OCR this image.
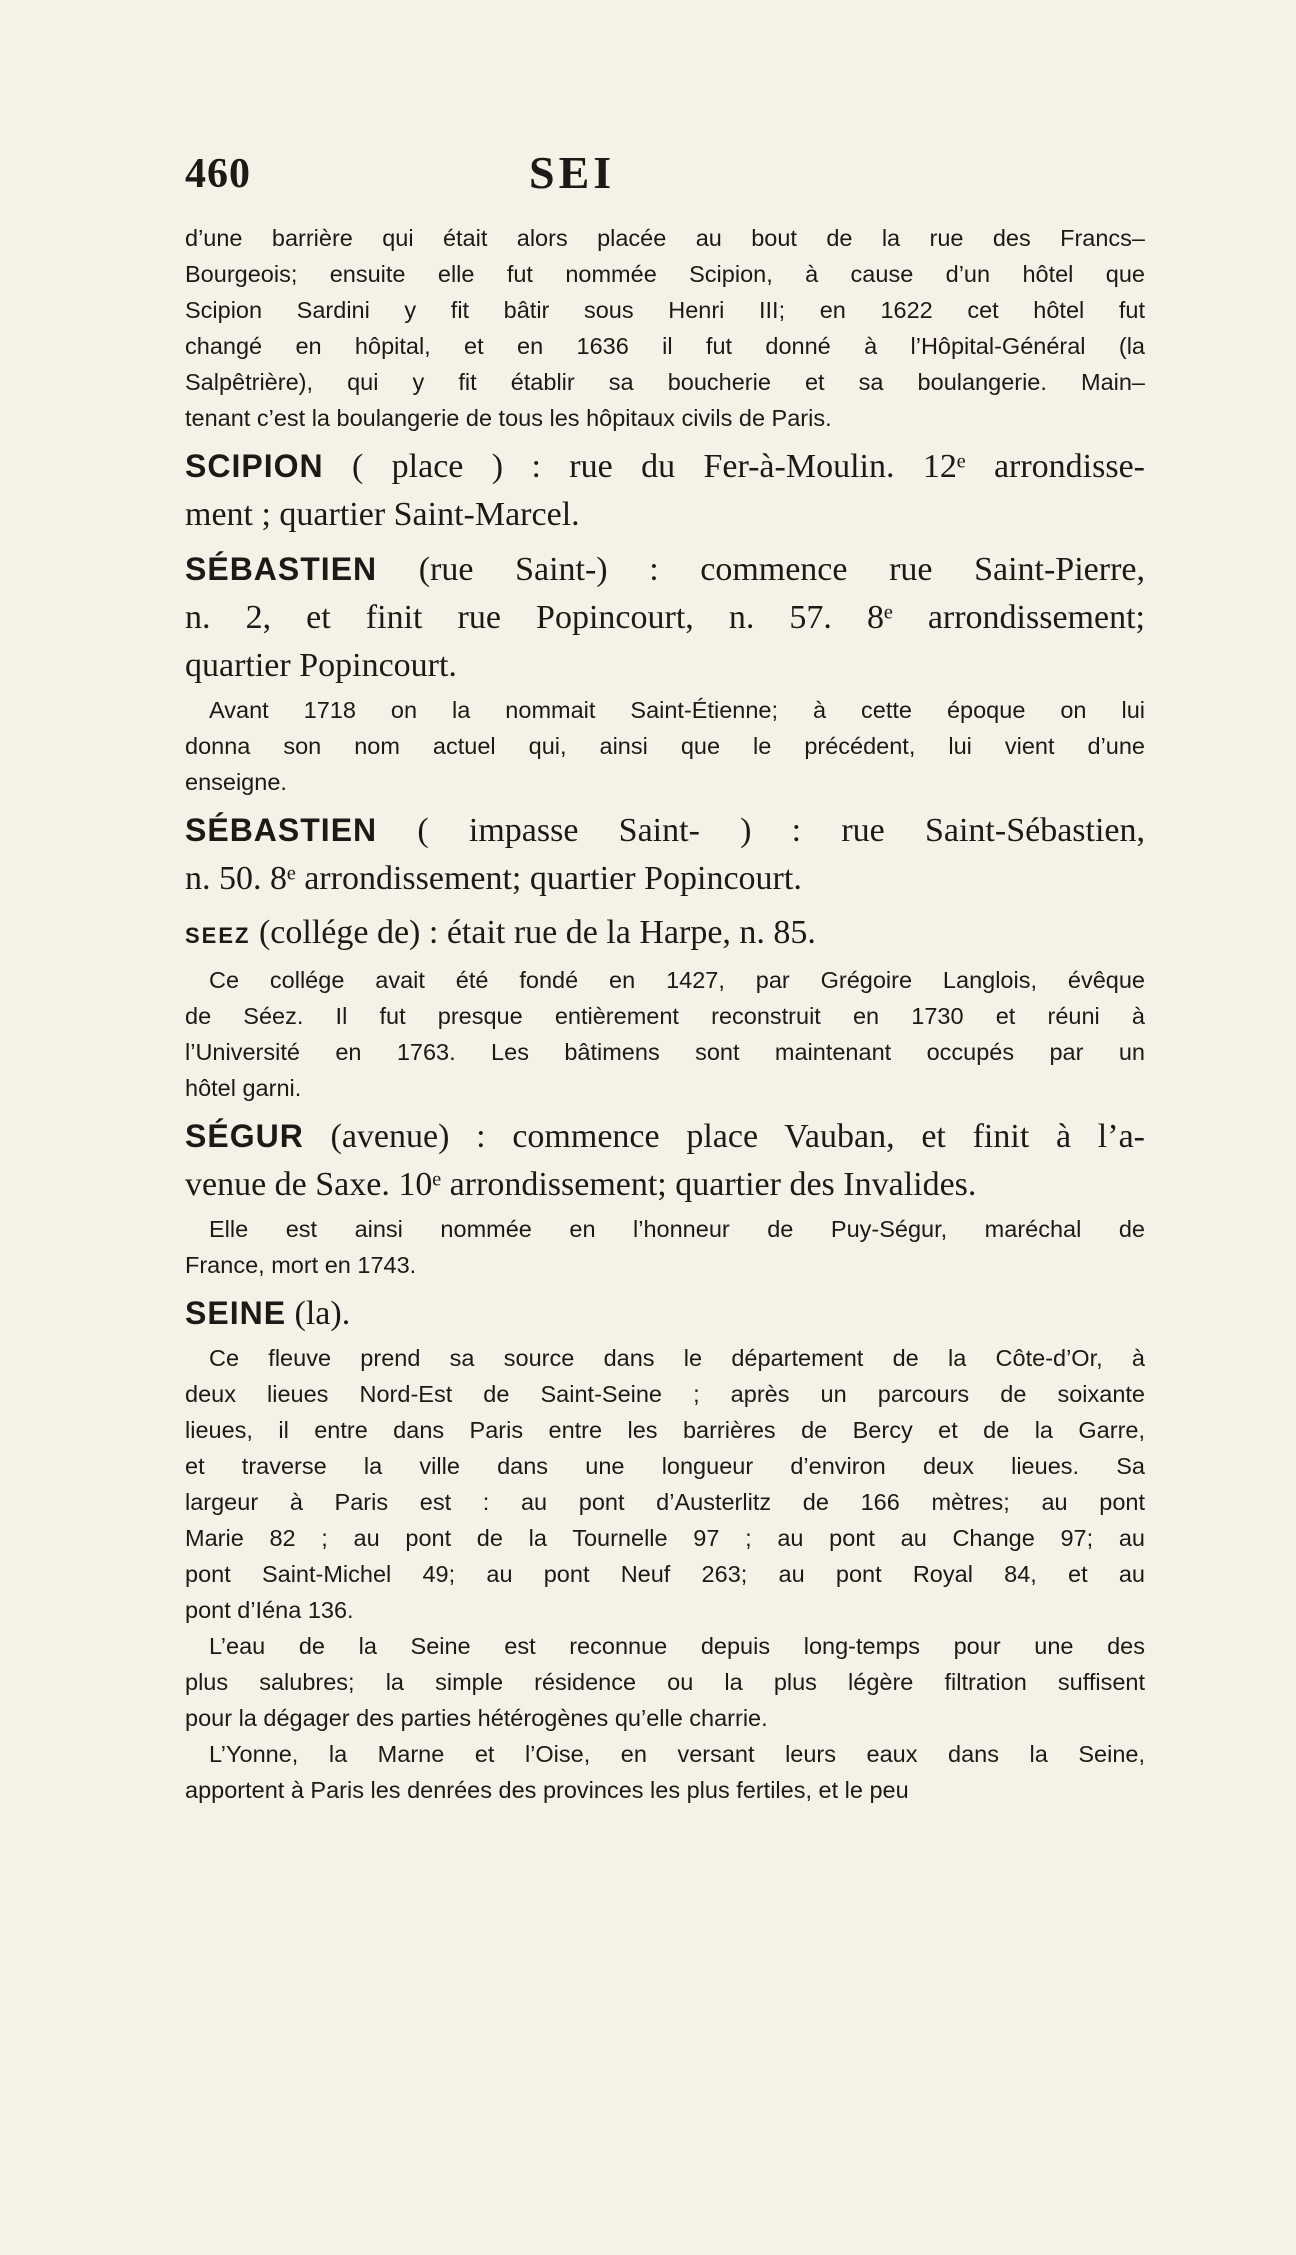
460	SEI
d’une barrière qui était alors placée au bout de la rue des Francs–
Bourgeois; ensuite elle fut nommée Scipion, à cause d’un hôtel que
Scipion Sardini y fit bâtir sous Henri III; en 1622 cet hôtel fut
changé en hôpital, et en 1636 il fut donné à l’Hôpital-Général (la
Salpêtrière), qui y fit établir sa boucherie et sa boulangerie. Main–
tenant c’est la boulangerie de tous les hôpitaux civils de Paris.
SCIPION ( place ) : rue du Fer-à-Moulin. 12ᵉ arrondisse-
ment ; quartier Saint-Marcel.
SÉBASTIEN (rue Saint-) : commence rue Saint-Pierre,
n. 2, et finit rue Popincourt, n. 57. 8ᵉ arrondissement;
quartier Popincourt.
Avant 1718 on la nommait Saint-Étienne; à cette époque on lui
donna son nom actuel qui, ainsi que le précédent, lui vient d’une
enseigne.
SÉBASTIEN ( impasse Saint- ) : rue Saint-Sébastien,
n. 50. 8ᵉ arrondissement; quartier Popincourt.
SEEZ (collége de) : était rue de la Harpe, n. 85.
Ce collége avait été fondé en 1427, par Grégoire Langlois, évêque
de Séez. Il fut presque entièrement reconstruit en 1730 et réuni à
l’Université en 1763. Les bâtimens sont maintenant occupés par un
hôtel garni.
SÉGUR (avenue) : commence place Vauban, et finit à l’a-
venue de Saxe. 10ᵉ arrondissement; quartier des Invalides.
Elle est ainsi nommée en l’honneur de Puy-Ségur, maréchal de
France, mort en 1743.
SEINE (la).
Ce fleuve prend sa source dans le département de la Côte-d’Or, à
deux lieues Nord-Est de Saint-Seine ; après un parcours de soixante
lieues, il entre dans Paris entre les barrières de Bercy et de la Garre,
et traverse la ville dans une longueur d’environ deux lieues. Sa
largeur à Paris est : au pont d’Austerlitz de 166 mètres; au pont
Marie 82 ; au pont de la Tournelle 97 ; au pont au Change 97; au
pont Saint-Michel 49; au pont Neuf 263; au pont Royal 84, et au
pont d’Iéna 136.
L’eau de la Seine est reconnue depuis long-temps pour une des
plus salubres; la simple résidence ou la plus légère filtration suffisent
pour la dégager des parties hétérogènes qu’elle charrie.
L’Yonne, la Marne et l’Oise, en versant leurs eaux dans la Seine,
apportent à Paris les denrées des provinces les plus fertiles, et le peu
